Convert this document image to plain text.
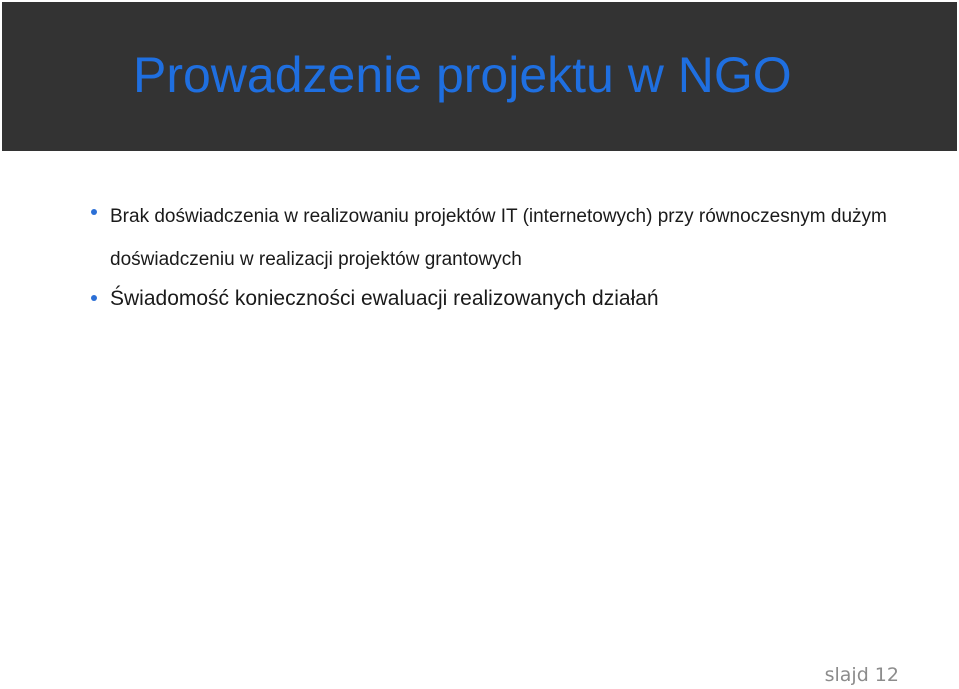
Prowadzenie projektu w NGO
Brak doświadczenia w realizowaniu projektów IT (internetowych) przy równoczesnym dużym doświadczeniu w realizacji projektów grantowych
Świadomość konieczności ewaluacji realizowanych działań
slajd 12
